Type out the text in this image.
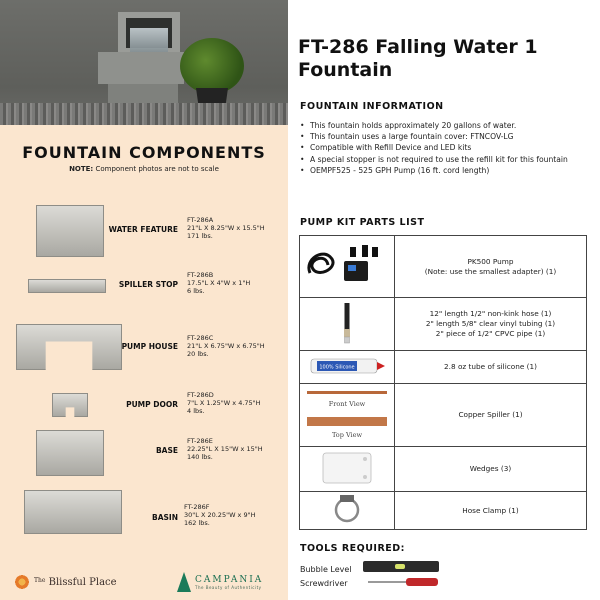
FOUNTAIN COMPONENTS
NOTE: Component photos are not to scale
WATER FEATURE
FT-286A
21"L X 8.25"W x 15.5"H
171 lbs.
SPILLER STOP
FT-286B
17.5"L X 4"W x 1"H
6 lbs.
PUMP HOUSE
FT-286C
21"L X 6.75"W x 6.75"H
20 lbs.
PUMP DOOR
FT-286D
7"L X 1.25"W x 4.75"H
4 lbs.
BASE
FT-286E
22.25"L X 15"W x 15"H
140 lbs.
BASIN
FT-286F
30"L X 20.25"W x 9"H
162 lbs.
$^{The}$ Blissful Place	CAMPANIA
The Beauty of Authenticity
FT-286 Falling Water 1 Fountain
FOUNTAIN INFORMATION
• This fountain holds approximately 20 gallons of water.
• This fountain uses a large fountain cover: FTNCOV-LG
• Compatible with Refill Device and LED kits
• A special stopper is not required to use the refill kit for this fountain
• OEMPF525 - 525 GPH Pump (16 ft. cord length)
PUMP KIT PARTS LIST

PK500 Pump
(Note: use the smallest adapter) (1)

12" length 1/2" non-kink hose (1)
2" length 5/8" clear vinyl tubing (1)
2" piece of 1/2" CPVC pipe (1)

100% Silicone	2.8 oz tube of silicone (1)

Front View
Top View	Copper Spiller (1)
	Wedges (3)
	Hose Clamp (1)
TOOLS REQUIRED:
Bubble Level
Screwdriver
